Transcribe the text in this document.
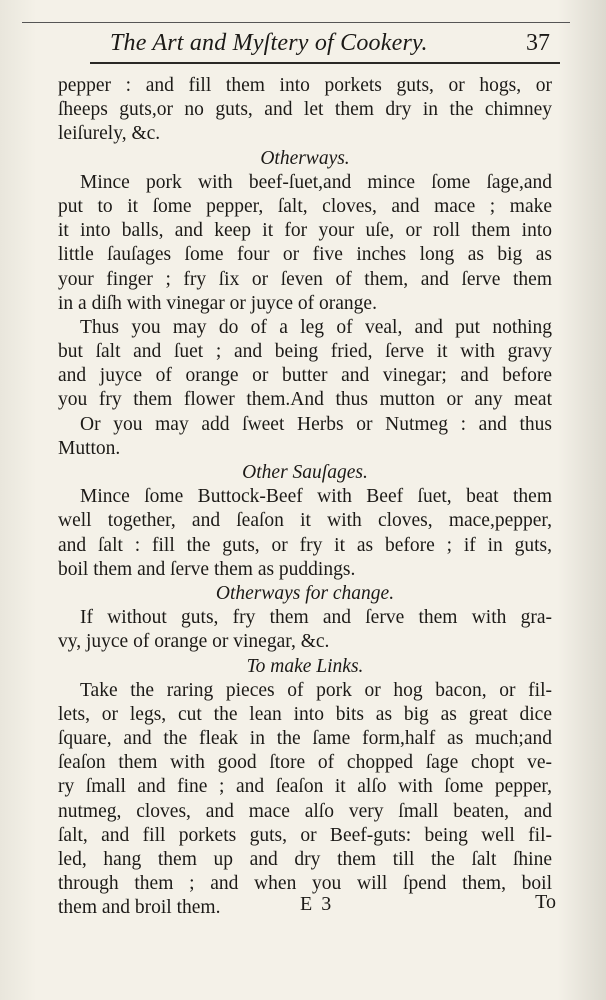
The Art and Myſtery of Cookery.	37
pepper : and fill them into porkets guts, or hogs, or
ſheeps guts,or no guts, and let them dry in the chimney
leiſurely, &c.
Otherways.
Mince pork with beef-ſuet,and mince ſome ſage,and
put to it ſome pepper, ſalt, cloves, and mace ; make
it into balls, and keep it for your uſe, or roll them into
little ſauſages ſome four or five inches long as big as
your finger ; fry ſix or ſeven of them, and ſerve them
in a diſh with vinegar or juyce of orange.
Thus you may do of a leg of veal, and put nothing
but ſalt and ſuet ; and being fried, ſerve it with gravy
and juyce of orange or butter and vinegar; and before
you fry them flower them.And thus mutton or any meat
Or you may add ſweet Herbs or Nutmeg : and thus
Mutton.
Other Sauſages.
Mince ſome Buttock-Beef with Beef ſuet, beat them
well together, and ſeaſon it with cloves, mace,pepper,
and ſalt : fill the guts, or fry it as before ; if in guts,
boil them and ſerve them as puddings.
Otherways for change.
If without guts, fry them and ſerve them with gra-
vy, juyce of orange or vinegar, &c.
To make Links.
Take the raring pieces of pork or hog bacon, or fil-
lets, or legs, cut the lean into bits as big as great dice
ſquare, and the fleak in the ſame form,half as much;and
ſeaſon them with good ſtore of chopped ſage chopt ve-
ry ſmall and fine ; and ſeaſon it alſo with ſome pepper,
nutmeg, cloves, and mace alſo very ſmall beaten, and
ſalt, and fill porkets guts, or Beef-guts: being well fil-
led, hang them up and dry them till the ſalt ſhine
through them ; and when you will ſpend them, boil
them and broil them.	E 3	To
